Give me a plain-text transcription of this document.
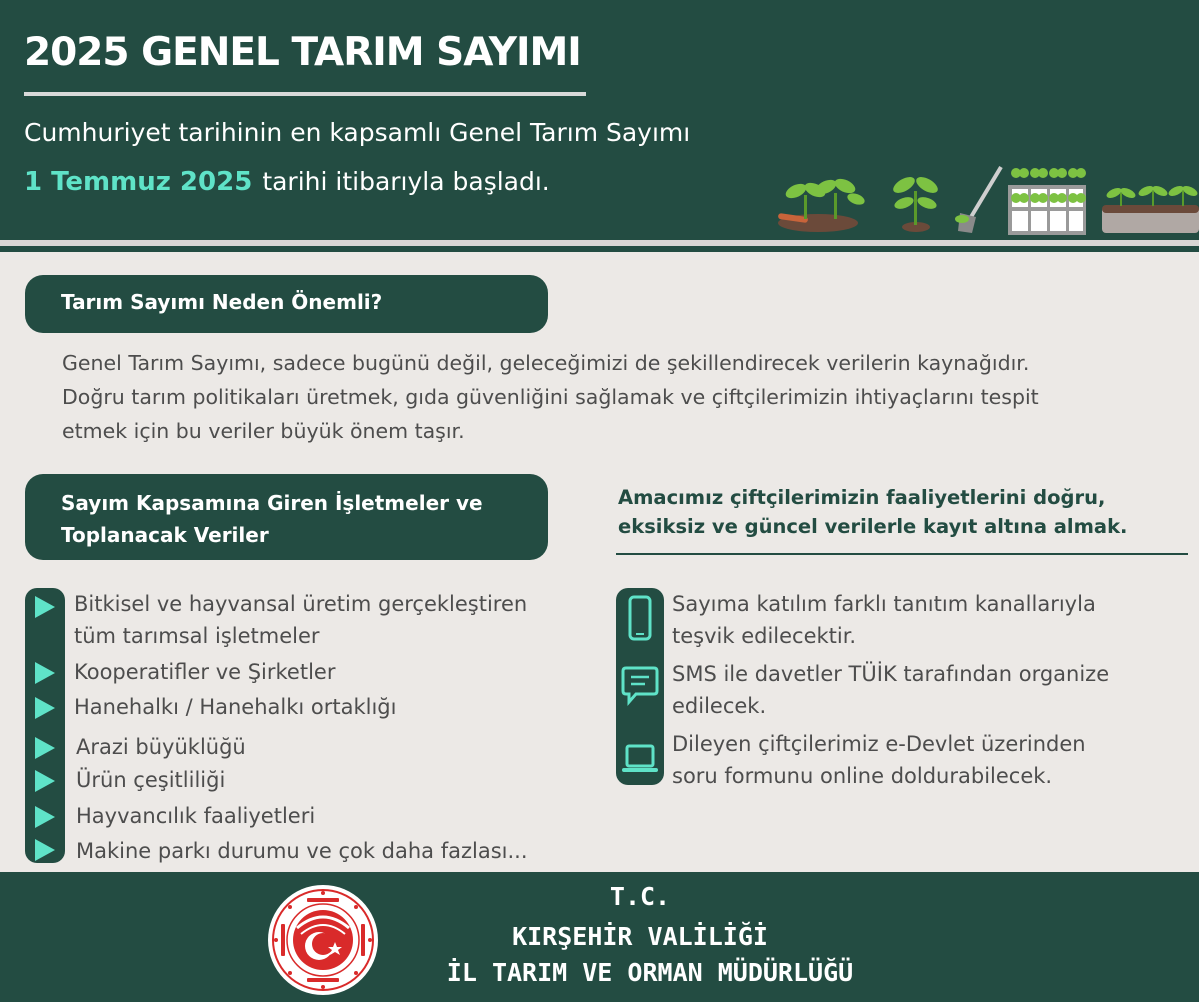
2025 GENEL TARIM SAYIMI
Cumhuriyet tarihinin en kapsamlı Genel Tarım Sayımı
1 Temmuz 2025 tarihi itibarıyla başladı.
Tarım Sayımı Neden Önemli?
Genel Tarım Sayımı, sadece bugünü değil, geleceğimizi de şekillendirecek verilerin kaynağıdır.
Doğru tarım politikaları üretmek, gıda güvenliğini sağlamak ve çiftçilerimizin ihtiyaçlarını tespit
etmek için bu veriler büyük önem taşır.
Sayım Kapsamına Giren İşletmeler ve
Toplanacak Veriler
Amacımız çiftçilerimizin faaliyetlerini doğru,
eksiksiz ve güncel verilerle kayıt altına almak.
Bitkisel ve hayvansal üretim gerçekleştiren
tüm tarımsal işletmeler
Kooperatifler ve Şirketler
Hanehalkı / Hanehalkı ortaklığı
Arazi büyüklüğü
Ürün çeşitliliği
Hayvancılık faaliyetleri
Makine parkı durumu ve çok daha fazlası...
Sayıma katılım farklı tanıtım kanallarıyla
teşvik edilecektir.
SMS ile davetler TÜİK tarafından organize
edilecek.
Dileyen çiftçilerimiz e-Devlet üzerinden
soru formunu online doldurabilecek.
T.C.
KIRŞEHİR VALİLİĞİ
İL TARIM VE ORMAN MÜDÜRLÜĞÜ
